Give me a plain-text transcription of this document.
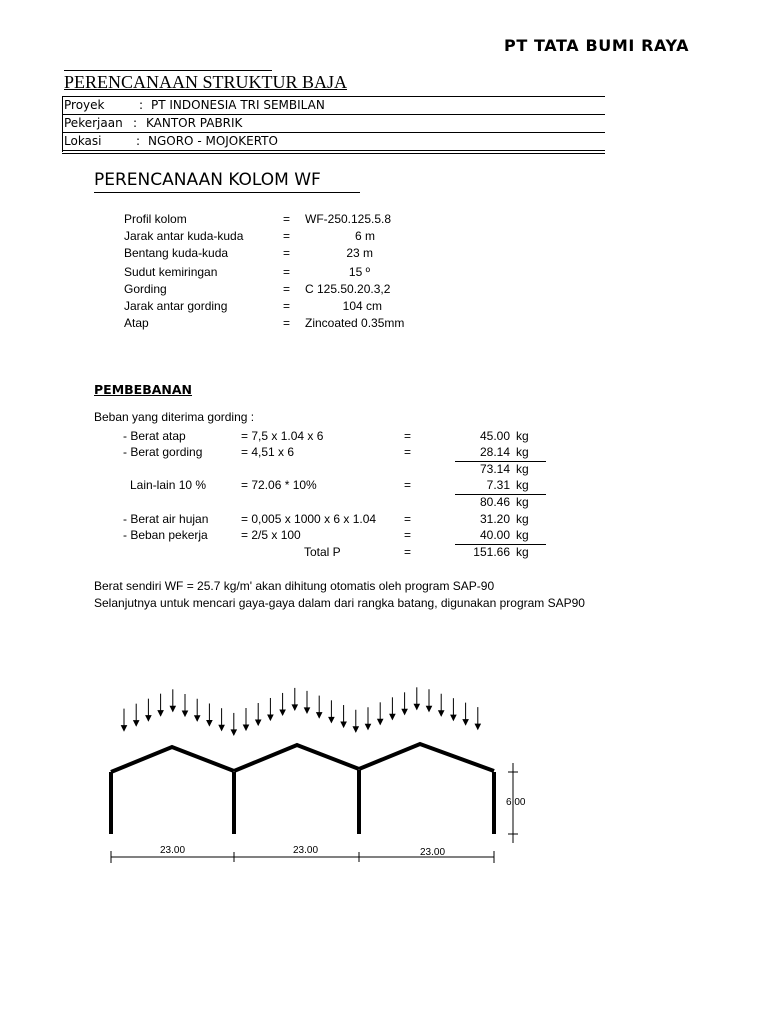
PT TATA BUMI RAYA
PERENCANAAN STRUKTUR BAJA
Proyek	: PT INDONESIA TRI SEMBILAN
Pekerjaan : KANTOR PABRIK
Lokasi	: NGORO - MOJOKERTO
PERENCANAAN KOLOM WF
Profil kolom	= WF-250.125.5.8
Jarak antar kuda-kuda	=	6 m
Bentang kuda-kuda	=	23 m
Sudut kemiringan	=	15 º
Gording	= C 125.50.20.3,2
Jarak antar gording	=	104 cm
Atap	= Zincoated 0.35mm
PEMBEBANAN
Beban yang diterima gording :
- Berat atap	= 7,5 x 1.04 x 6	=	45.00 kg
- Berat gording	= 4,51 x 6	=	28.14 kg
73.14 kg
Lain-lain 10 %	= 72.06 * 10%	=	7.31 kg
80.46 kg
- Berat air hujan	= 0,005 x 1000 x 6 x 1.04 =	31.20 kg
- Beban pekerja	= 2/5 x 100	=	40.00 kg
Total P	=	151.66 kg
Berat sendiri WF = 25.7 kg/m' akan dihitung otomatis oleh program SAP-90
Selanjutnya untuk mencari gaya-gaya dalam dari rangka batang, digunakan program SAP90
23.00	23.00	23.00
6.00
